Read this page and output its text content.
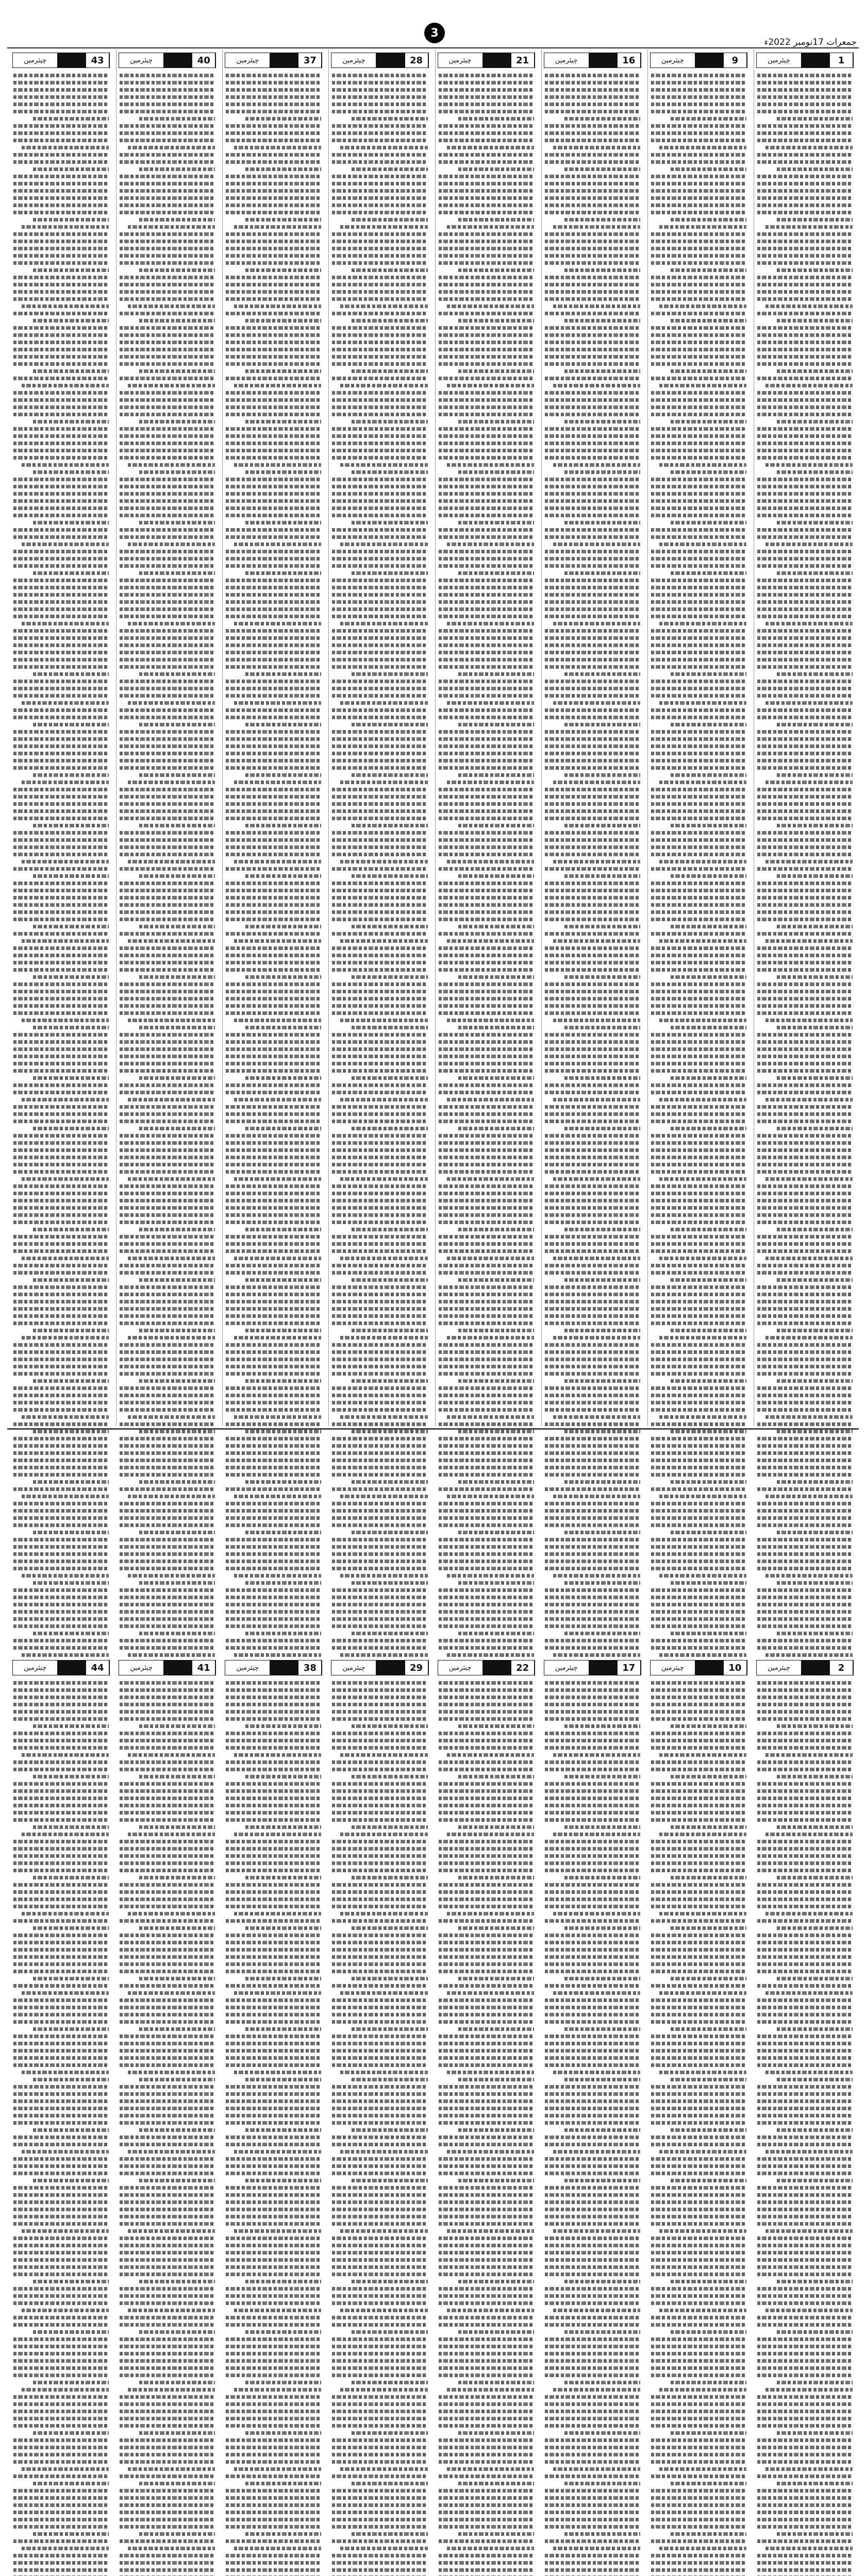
3
جمعرات 17نومبر 2022ء
1
چیئرمین
2
چیئرمین
9
چیئرمین
10
چیئرمین
16
چیئرمین
17
چیئرمین
21
چیئرمین
22
چیئرمین
28
چیئرمین
29
چیئرمین
37
چیئرمین
38
چیئرمین
40
چیئرمین
41
چیئرمین
43
چیئرمین
44
چیئرمین
